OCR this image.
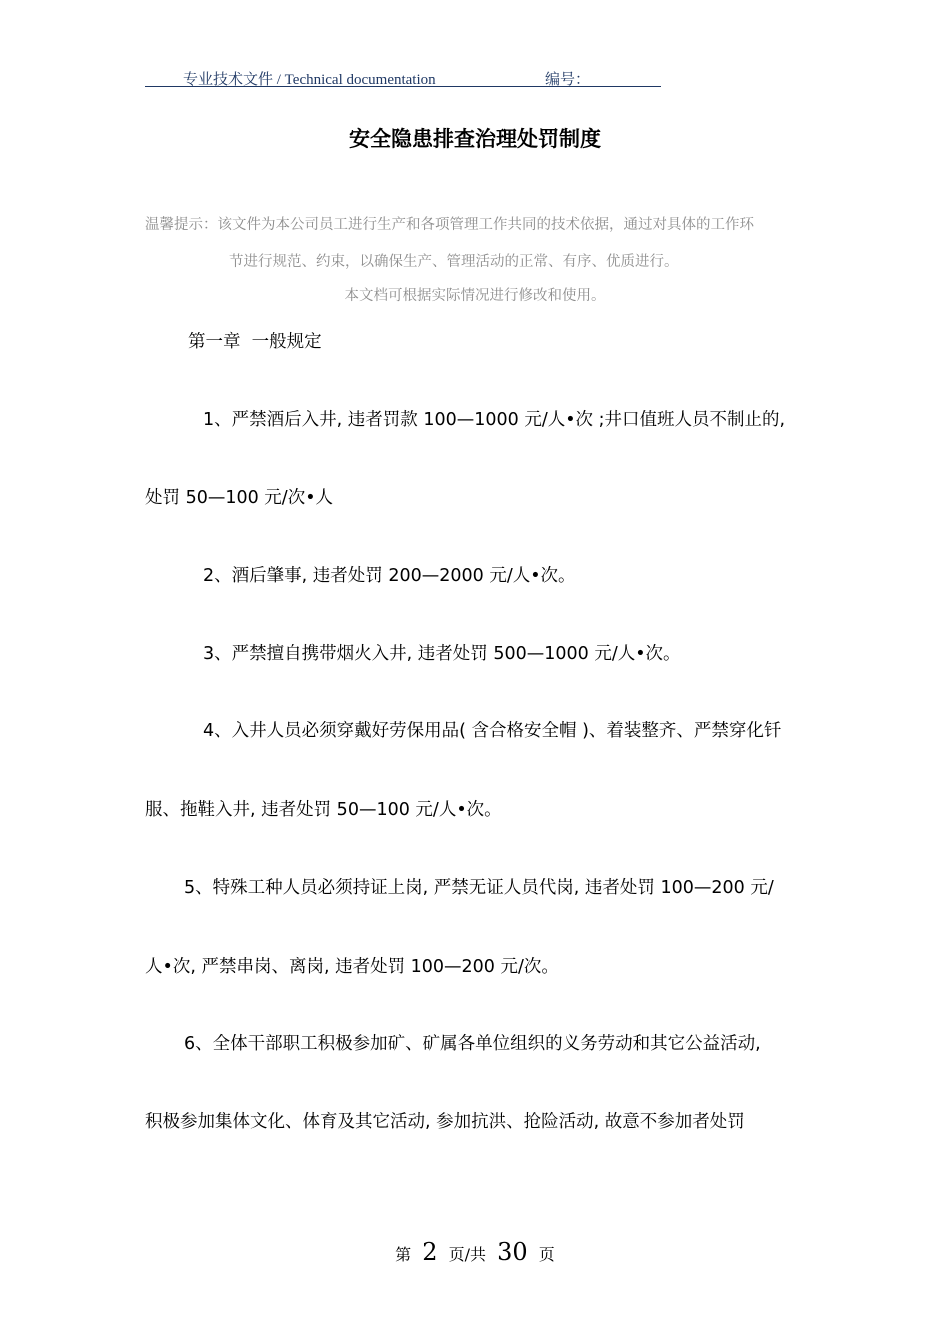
专业技术文件 / Technical documentation	编号：
安全隐患排查治理处罚制度
温馨提示：该文件为本公司员工进行生产和各项管理工作共同的技术依据，通过对具体的工作环
节进行规范、约束，以确保生产、管理活动的正常、有序、优质进行。
本文档可根据实际情况进行修改和使用。
第一章  一般规定
1、严禁酒后入井, 违者罚款 100—1000 元/人•次 ;井口值班人员不制止的,
处罚 50—100 元/次•人
2、酒后肇事, 违者处罚 200—2000 元/人•次。
3、严禁擅自携带烟火入井, 违者处罚 500—1000 元/人•次。
4、入井人员必须穿戴好劳保用品( 含合格安全帽 )、着装整齐、严禁穿化钎
服、拖鞋入井, 违者处罚 50—100 元/人•次。
5、特殊工种人员必须持证上岗, 严禁无证人员代岗, 违者处罚 100—200 元/
人•次, 严禁串岗、离岗, 违者处罚 100—200 元/次。
6、全体干部职工积极参加矿、矿属各单位组织的义务劳动和其它公益活动,
积极参加集体文化、体育及其它活动, 参加抗洪、抢险活动, 故意不参加者处罚
第 2 页/共 30 页
